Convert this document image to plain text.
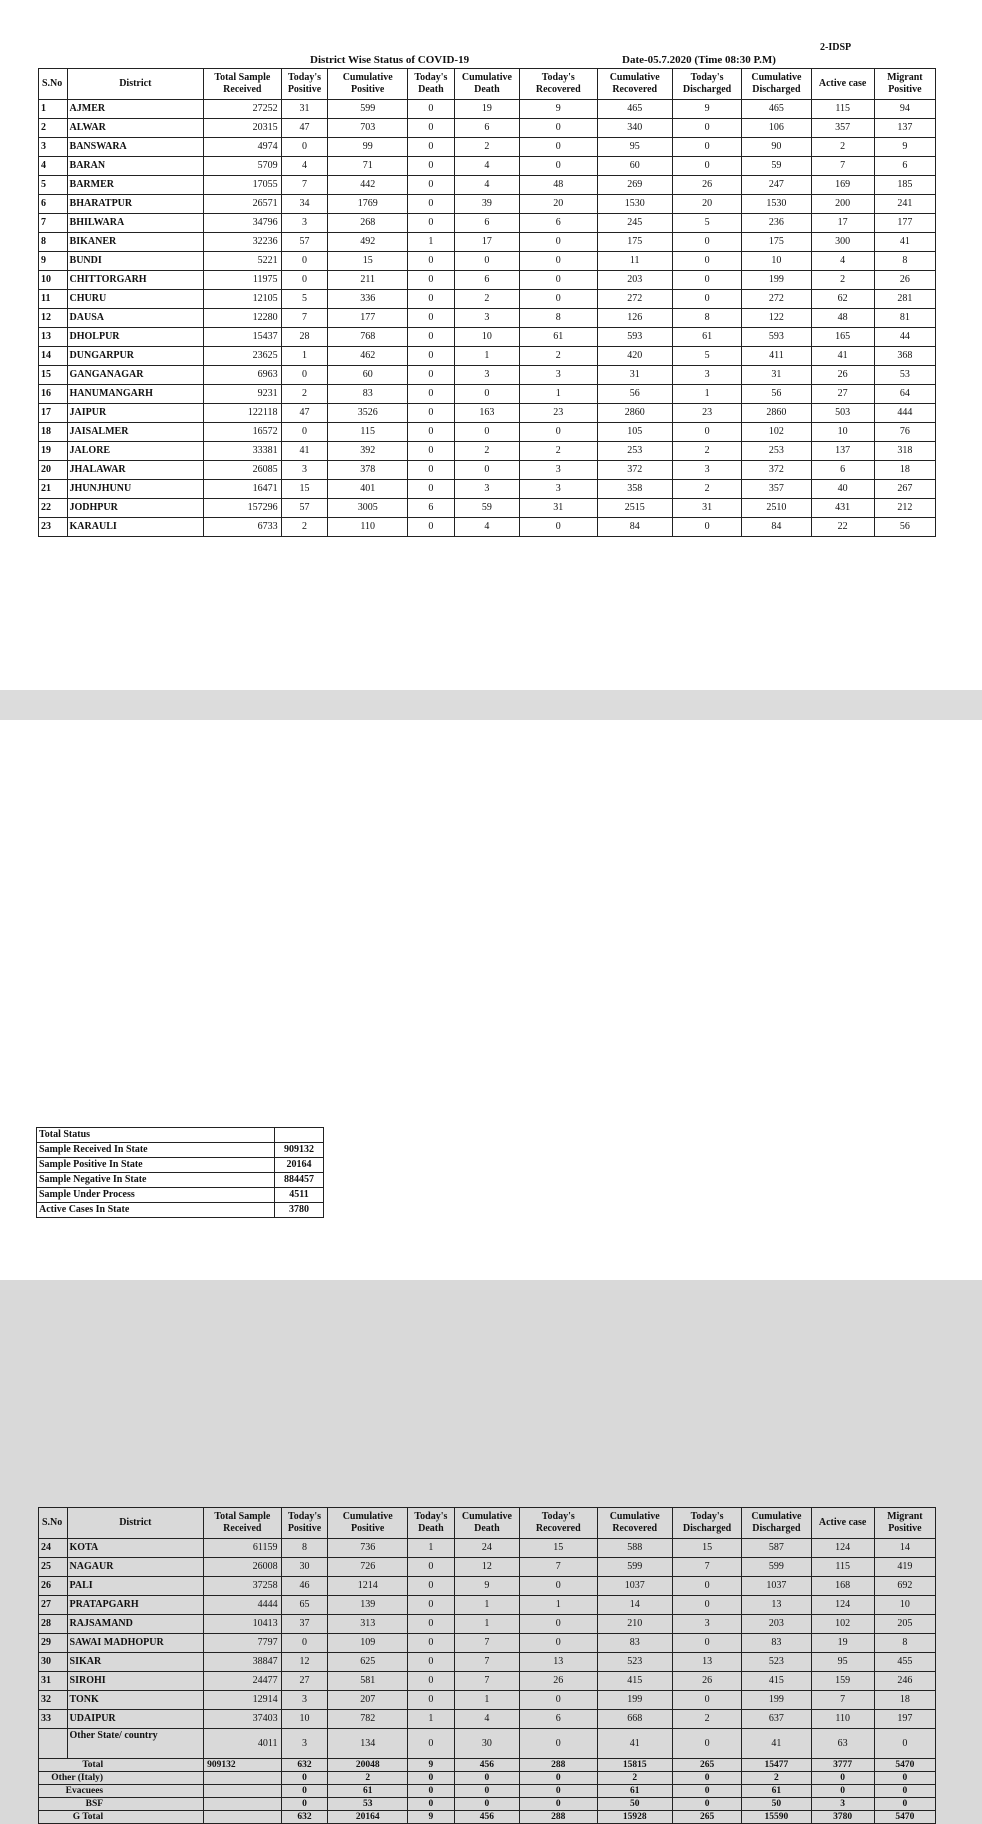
2-IDSP
District Wise Status of COVID-19	Date-05.7.2020 (Time 08:30 P.M)
S.No	District	Total Sample Received	Today's Positive	Cumulative Positive	Today's Death	Cumulative Death	Today's Recovered	Cumulative Recovered	Today's Discharged	Cumulative Discharged	Active case	Migrant Positive
1	AJMER	27252	31	599	0	19	9	465	9	465	115	94
2	ALWAR	20315	47	703	0	6	0	340	0	106	357	137
3	BANSWARA	4974	0	99	0	2	0	95	0	90	2	9
4	BARAN	5709	4	71	0	4	0	60	0	59	7	6
5	BARMER	17055	7	442	0	4	48	269	26	247	169	185
6	BHARATPUR	26571	34	1769	0	39	20	1530	20	1530	200	241
7	BHILWARA	34796	3	268	0	6	6	245	5	236	17	177
8	BIKANER	32236	57	492	1	17	0	175	0	175	300	41
9	BUNDI	5221	0	15	0	0	0	11	0	10	4	8
10	CHITTORGARH	11975	0	211	0	6	0	203	0	199	2	26
11	CHURU	12105	5	336	0	2	0	272	0	272	62	281
12	DAUSA	12280	7	177	0	3	8	126	8	122	48	81
13	DHOLPUR	15437	28	768	0	10	61	593	61	593	165	44
14	DUNGARPUR	23625	1	462	0	1	2	420	5	411	41	368
15	GANGANAGAR	6963	0	60	0	3	3	31	3	31	26	53
16	HANUMANGARH	9231	2	83	0	0	1	56	1	56	27	64
17	JAIPUR	122118	47	3526	0	163	23	2860	23	2860	503	444
18	JAISALMER	16572	0	115	0	0	0	105	0	102	10	76
19	JALORE	33381	41	392	0	2	2	253	2	253	137	318
20	JHALAWAR	26085	3	378	0	0	3	372	3	372	6	18
21	JHUNJHUNU	16471	15	401	0	3	3	358	2	357	40	267
22	JODHPUR	157296	57	3005	6	59	31	2515	31	2510	431	212
23	KARAULI	6733	2	110	0	4	0	84	0	84	22	56
S.No	District	Total Sample Received	Today's Positive	Cumulative Positive	Today's Death	Cumulative Death	Today's Recovered	Cumulative Recovered	Today's Discharged	Cumulative Discharged	Active case	Migrant Positive
24	KOTA	61159	8	736	1	24	15	588	15	587	124	14
25	NAGAUR	26008	30	726	0	12	7	599	7	599	115	419
26	PALI	37258	46	1214	0	9	0	1037	0	1037	168	692
27	PRATAPGARH	4444	65	139	0	1	1	14	0	13	124	10
28	RAJSAMAND	10413	37	313	0	1	0	210	3	203	102	205
29	SAWAI MADHOPUR	7797	0	109	0	7	0	83	0	83	19	8
30	SIKAR	38847	12	625	0	7	13	523	13	523	95	455
31	SIROHI	24477	27	581	0	7	26	415	26	415	159	246
32	TONK	12914	3	207	0	1	0	199	0	199	7	18
33	UDAIPUR	37403	10	782	1	4	6	668	2	637	110	197
	Other State/ country	4011	3	134	0	30	0	41	0	41	63	0
Total		909132	632	20048	9	456	288	15815	265	15477	3777	5470
Other (Italy)			0	2	0	0	0	2	0	2	0	0
Evacuees			0	61	0	0	0	61	0	61	0	0
BSF			0	53	0	0	0	50	0	50	3	0
G Total			632	20164	9	456	288	15928	265	15590	3780	5470
Total Status	
Sample Received In State	909132
Sample Positive In State	20164
Sample Negative In State	884457
Sample Under Process	4511
Active Cases In State	3780
